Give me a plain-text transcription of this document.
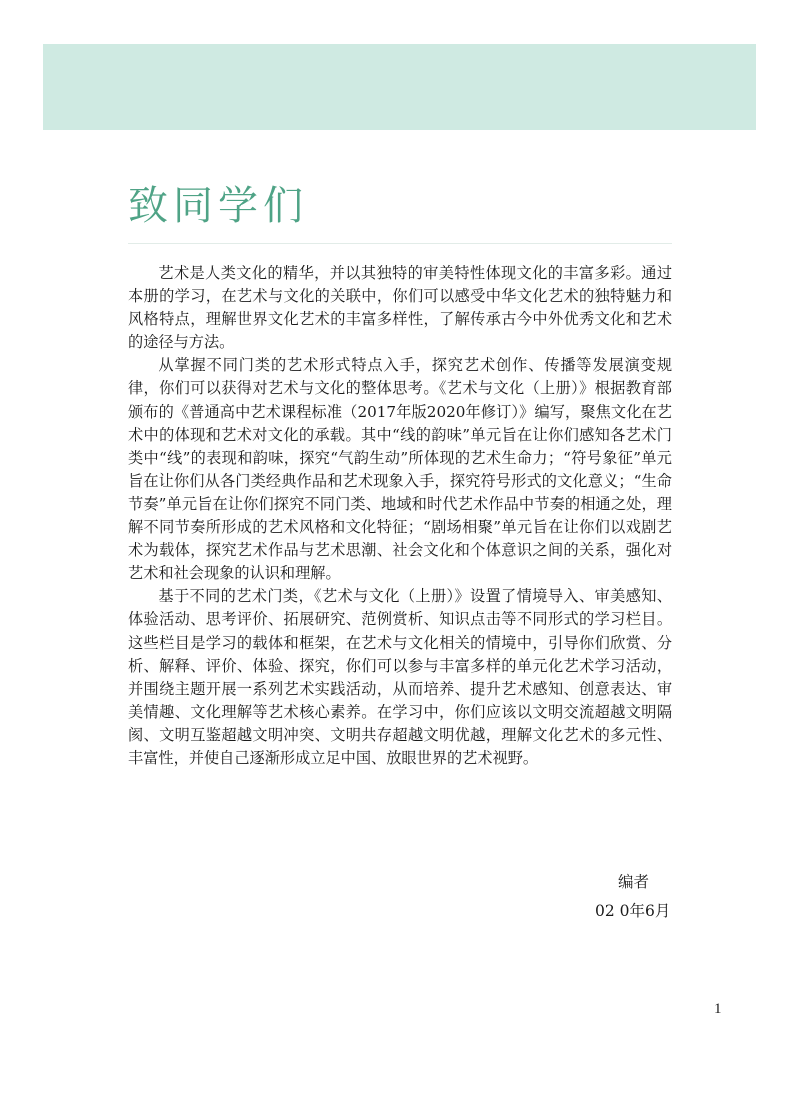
致同学们

艺术是人类文化的精华，并以其独特的审美特性体现文化的丰富多彩。通过本册的学习，在艺术与文化的关联中，你们可以感受中华文化艺术的独特魅力和风格特点，理解世界文化艺术的丰富多样性，了解传承古今中外优秀文化和艺术的途径与方法。

从掌握不同门类的艺术形式特点入手，探究艺术创作、传播等发展演变规律，你们可以获得对艺术与文化的整体思考。《艺术与文化（上册）》根据教育部颁布的《普通高中艺术课程标准（2017年版2020年修订）》编写，聚焦文化在艺术中的体现和艺术对文化的承载。其中“线的韵味”单元旨在让你们感知各艺术门类中“线”的表现和韵味，探究“气韵生动”所体现的艺术生命力；“符号象征”单元旨在让你们从各门类经典作品和艺术现象入手，探究符号形式的文化意义；“生命节奏”单元旨在让你们探究不同门类、地域和时代艺术作品中节奏的相通之处，理解不同节奏所形成的艺术风格和文化特征；“剧场相聚”单元旨在让你们以戏剧艺术为载体，探究艺术作品与艺术思潮、社会文化和个体意识之间的关系，强化对艺术和社会现象的认识和理解。

基于不同的艺术门类，《艺术与文化（上册）》设置了情境导入、审美感知、体验活动、思考评价、拓展研究、范例赏析、知识点击等不同形式的学习栏目。这些栏目是学习的载体和框架，在艺术与文化相关的情境中，引导你们欣赏、分析、解释、评价、体验、探究，你们可以参与丰富多样的单元化艺术学习活动，并围绕主题开展一系列艺术实践活动，从而培养、提升艺术感知、创意表达、审美情趣、文化理解等艺术核心素养。在学习中，你们应该以文明交流超越文明隔阂、文明互鉴超越文明冲突、文明共存超越文明优越，理解文化艺术的多元性、丰富性，并使自己逐渐形成立足中国、放眼世界的艺术视野。

编者
02 0年6月
1
